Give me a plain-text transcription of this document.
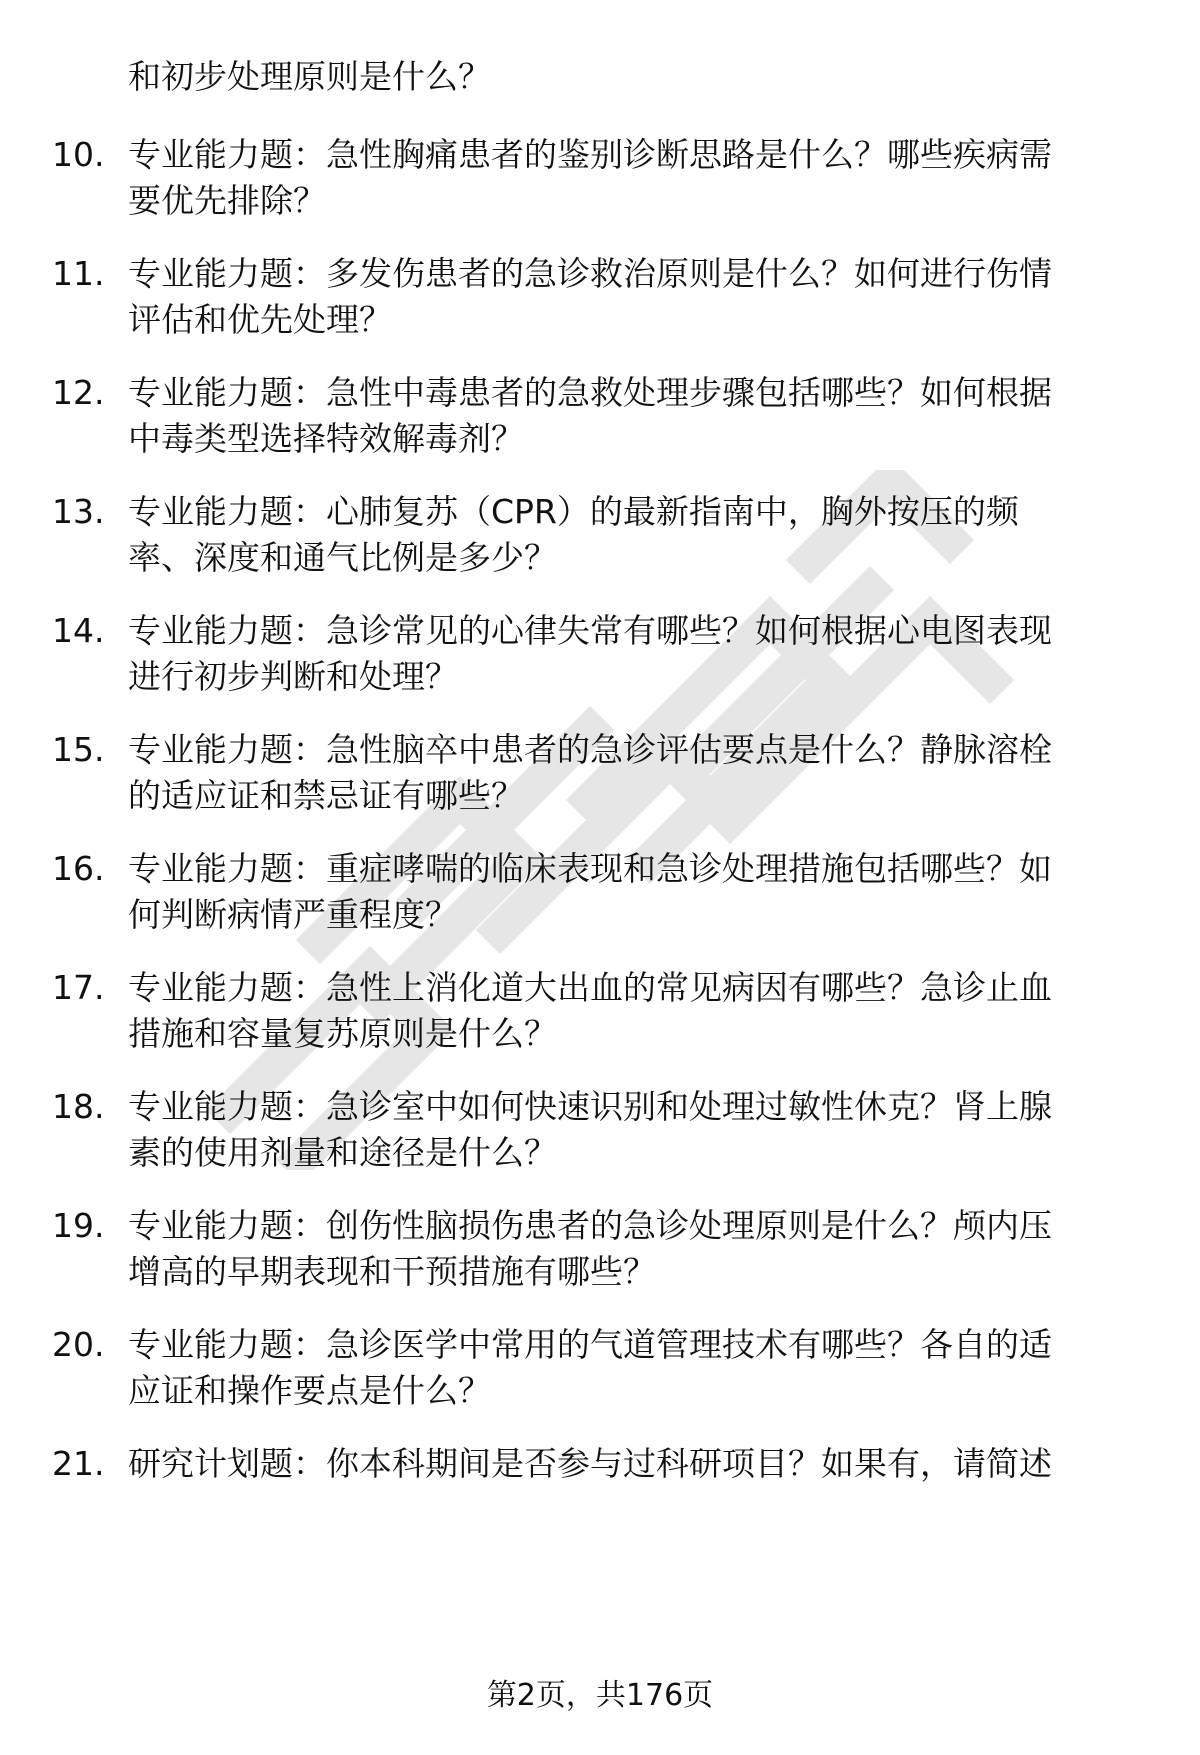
和初步处理原则是什么？
10. 专业能力题：急性胸痛患者的鉴别诊断思路是什么？哪些疾病需
要优先排除？
11. 专业能力题：多发伤患者的急诊救治原则是什么？如何进行伤情
评估和优先处理？
12. 专业能力题：急性中毒患者的急救处理步骤包括哪些？如何根据
中毒类型选择特效解毒剂？
13. 专业能力题：心肺复苏（CPR）的最新指南中，胸外按压的频
率、深度和通气比例是多少？
14. 专业能力题：急诊常见的心律失常有哪些？如何根据心电图表现
进行初步判断和处理？
15. 专业能力题：急性脑卒中患者的急诊评估要点是什么？静脉溶栓
的适应证和禁忌证有哪些？
16. 专业能力题：重症哮喘的临床表现和急诊处理措施包括哪些？如
何判断病情严重程度？
17. 专业能力题：急性上消化道大出血的常见病因有哪些？急诊止血
措施和容量复苏原则是什么？
18. 专业能力题：急诊室中如何快速识别和处理过敏性休克？肾上腺
素的使用剂量和途径是什么？
19. 专业能力题：创伤性脑损伤患者的急诊处理原则是什么？颅内压
增高的早期表现和干预措施有哪些？
20. 专业能力题：急诊医学中常用的气道管理技术有哪些？各自的适
应证和操作要点是什么？
21. 研究计划题：你本科期间是否参与过科研项目？如果有，请简述
第2页，共176页
